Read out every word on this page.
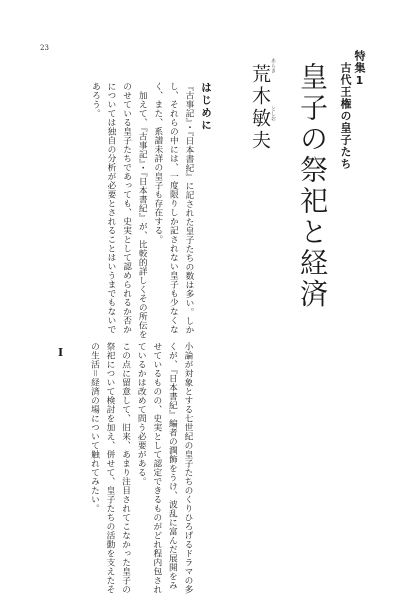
23
特集1
古代王権の皇子たち
皇子の祭祀と経済
あらき
としお
荒木敏夫
はじめに

『古事記』・『日本書紀』に記された皇子たちの数は多い。しかし、それらの中には、一度限りしか記されない皇子も少なくなく、また、系譜未詳の皇子も存在する。

加えて、『古事記』・『日本書紀』が、比較的詳しくその所伝をのせている皇子たちであっても、史実として認められるか否かについては独自の分析が必要とされることはいうまでもないであろう。

I	小論が対象とする七世紀の皇子たちのくりひろげるドラマの多くが、『日本書紀』編者の潤飾をうけ、波乱に富んだ展開をみせているものの、史実として認定できるものがどれ程内包されているかは改めて問う必要がある。

この点に留意して、旧来、あまり注目されてこなかった皇子の祭祀について検討を加え、併せて、皇子たちの活動を支えたその生活＝経済の場について触れてみたい。
